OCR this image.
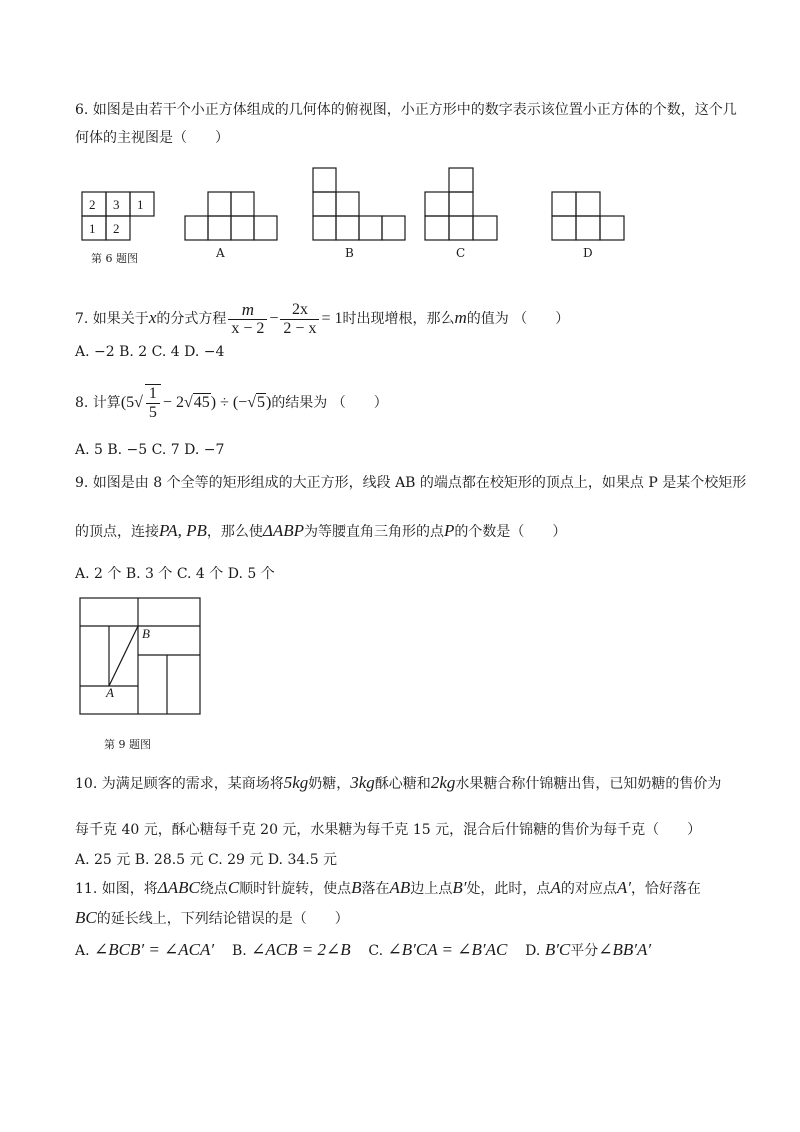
6. 如图是由若干个小正方体组成的几何体的俯视图，小正方形中的数字表示该位置小正方体的个数，这个几
何体的主视图是（　　）
2 3 1
1 2
第 6 题图	A	B	C	D
7. 如果关于x的分式方程 $\frac{m}{x - 2} - \frac{2x}{2 - x} = 1$时出现增根，那么m的值为 （　　）
A. −2 B. 2 C. 4 D. −4
8. 计算$(5√ \frac{1}{5} - 2√45) \div (-√5)$的结果为 （　　）
A. 5 B. −5 C. 7 D. −7
9. 如图是由 8 个全等的矩形组成的大正方形，线段 AB 的端点都在校矩形的顶点上，如果点 P 是某个校矩形
的顶点，连接PA, PB，那么使ΔABP为等腰直角三角形的点P的个数是（　　）
A. 2 个 B. 3 个 C. 4 个 D. 5 个
A
B
第 9 题图
10. 为满足顾客的需求，某商场将5kg奶糖，3kg酥心糖和2kg水果糖合称什锦糖出售，已知奶糖的售价为
每千克 40 元，酥心糖每千克 20 元，水果糖为每千克 15 元，混合后什锦糖的售价为每千克（　　）
A. 25 元 B. 28.5 元 C. 29 元 D. 34.5 元
11. 如图，将ΔABC绕点C顺时针旋转，使点B落在AB边上点B′处，此时，点A的对应点A′，恰好落在
BC的延长线上，下列结论错误的是（　　）
A. ∠BCB′ = ∠ACA′ B. ∠ACB = 2∠B C. ∠B′CA = ∠B′AC D. B′C平分∠BB′A′
